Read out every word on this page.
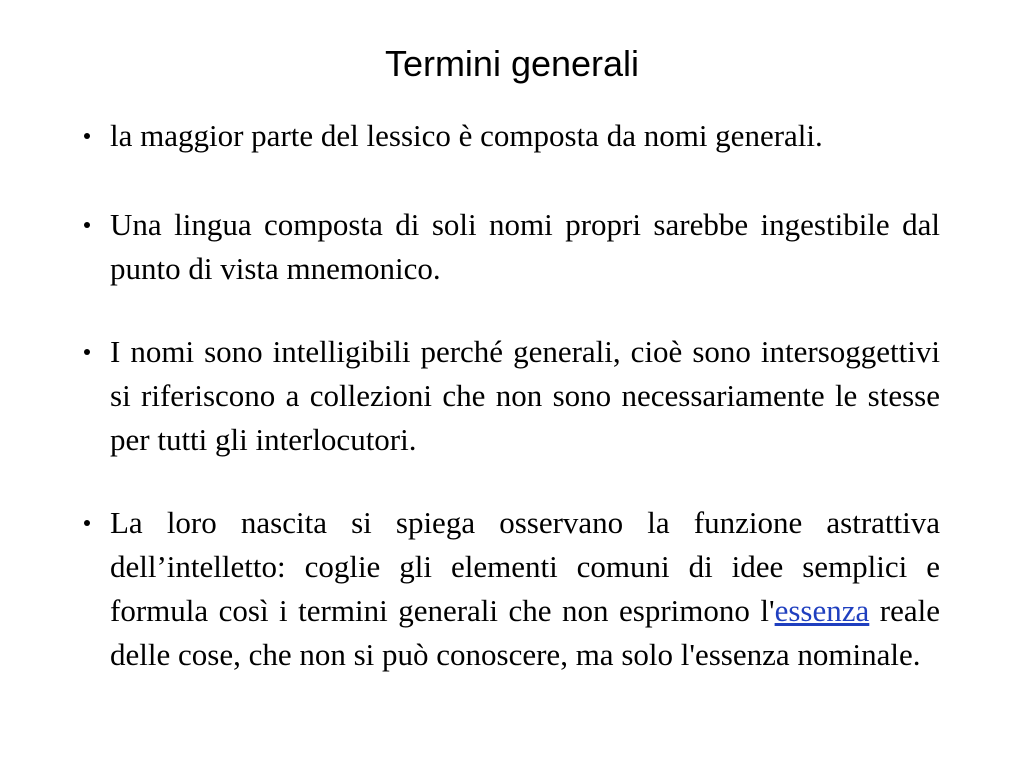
Termini generali
la maggior parte del lessico è composta da nomi generali.
Una lingua composta di soli nomi propri sarebbe ingestibile dal punto di vista mnemonico.
I nomi sono intelligibili perché generali, cioè sono intersoggettivi si riferiscono a collezioni che non sono necessariamente le stesse per tutti gli interlocutori.
La loro nascita si spiega osservano la funzione astrattiva dell’intelletto: coglie gli elementi comuni di idee semplici e formula così i termini generali che non esprimono l'essenza reale delle cose, che non si può conoscere, ma solo l'essenza nominale.
